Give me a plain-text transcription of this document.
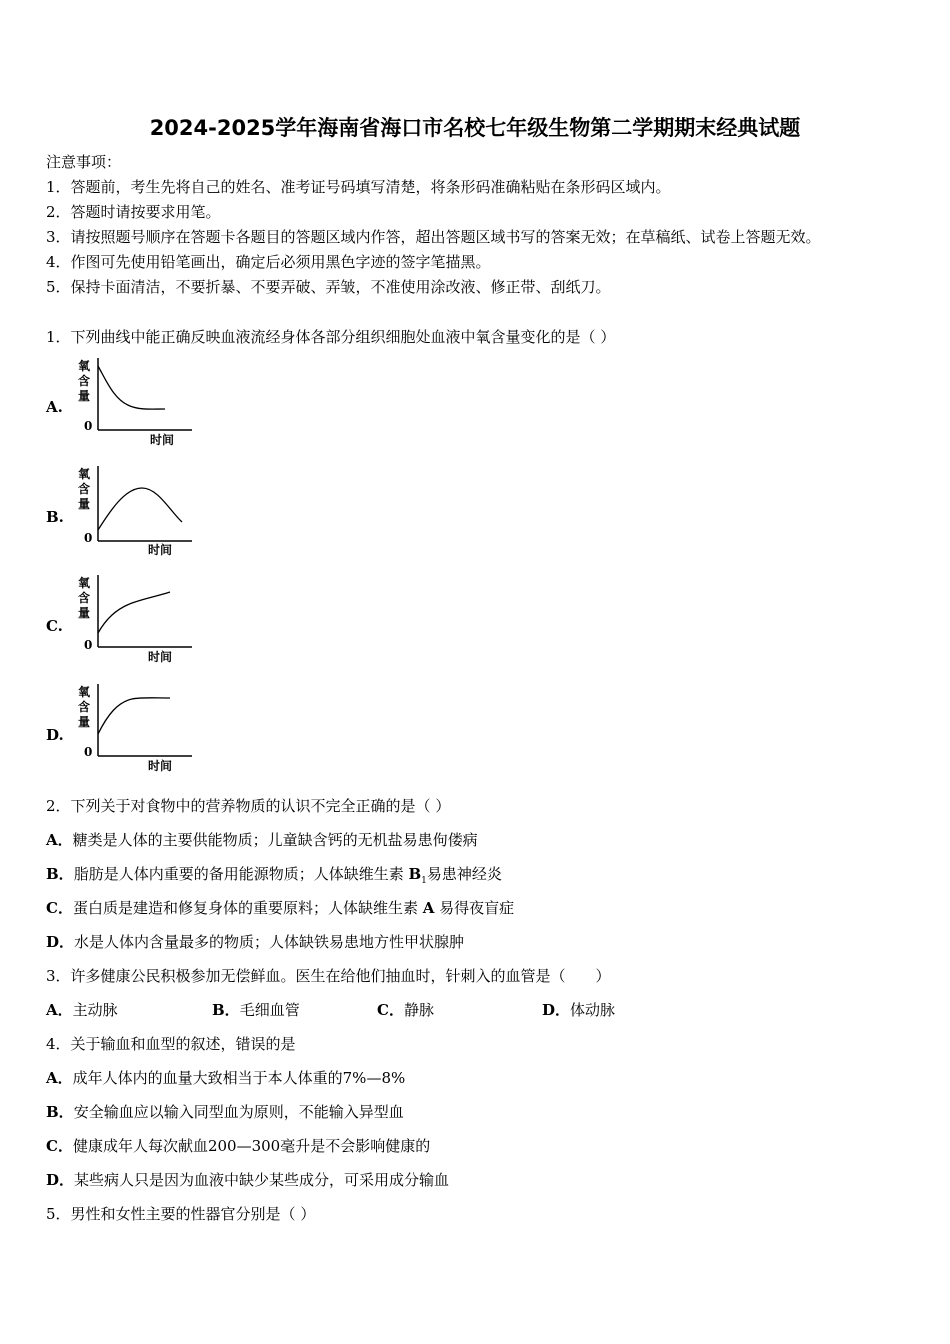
2024-2025学年海南省海口市名校七年级生物第二学期期末经典试题
注意事项：
1．答题前，考生先将自己的姓名、准考证号码填写清楚，将条形码准确粘贴在条形码区域内。
2．答题时请按要求用笔。
3．请按照题号顺序在答题卡各题目的答题区域内作答，超出答题区域书写的答案无效；在草稿纸、试卷上答题无效。
4．作图可先使用铅笔画出，确定后必须用黑色字迹的签字笔描黑。
5．保持卡面清洁，不要折暴、不要弄破、弄皱，不准使用涂改液、修正带、刮纸刀。
1．下列曲线中能正确反映血液流经身体各部分组织细胞处血液中氧含量变化的是（ ）
A.
氧
含
量
0
时间
B.
氧
含
量
0
时间
C.
氧
含
量
0
时间
D.
氧
含
量
0
时间
2．下列关于对食物中的营养物质的认识不完全正确的是（ ）
A．糖类是人体的主要供能物质；儿童缺含钙的无机盐易患佝偻病
B．脂肪是人体内重要的备用能源物质；人体缺维生素 $B_1$易患神经炎
C．蛋白质是建造和修复身体的重要原料；人体缺维生素 A 易得夜盲症
D．水是人体内含量最多的物质；人体缺铁易患地方性甲状腺肿
3．许多健康公民积极参加无偿鲜血。医生在给他们抽血时，针刺入的血管是（　　）
A．主动脉	B．毛细血管	C．静脉	D．体动脉
4．关于输血和血型的叙述，错误的是
A．成年人体内的血量大致相当于本人体重的7%—8%
B．安全输血应以输入同型血为原则，不能输入异型血
C．健康成年人每次献血200—300毫升是不会影响健康的
D．某些病人只是因为血液中缺少某些成分，可采用成分输血
5．男性和女性主要的性器官分别是（ ）
